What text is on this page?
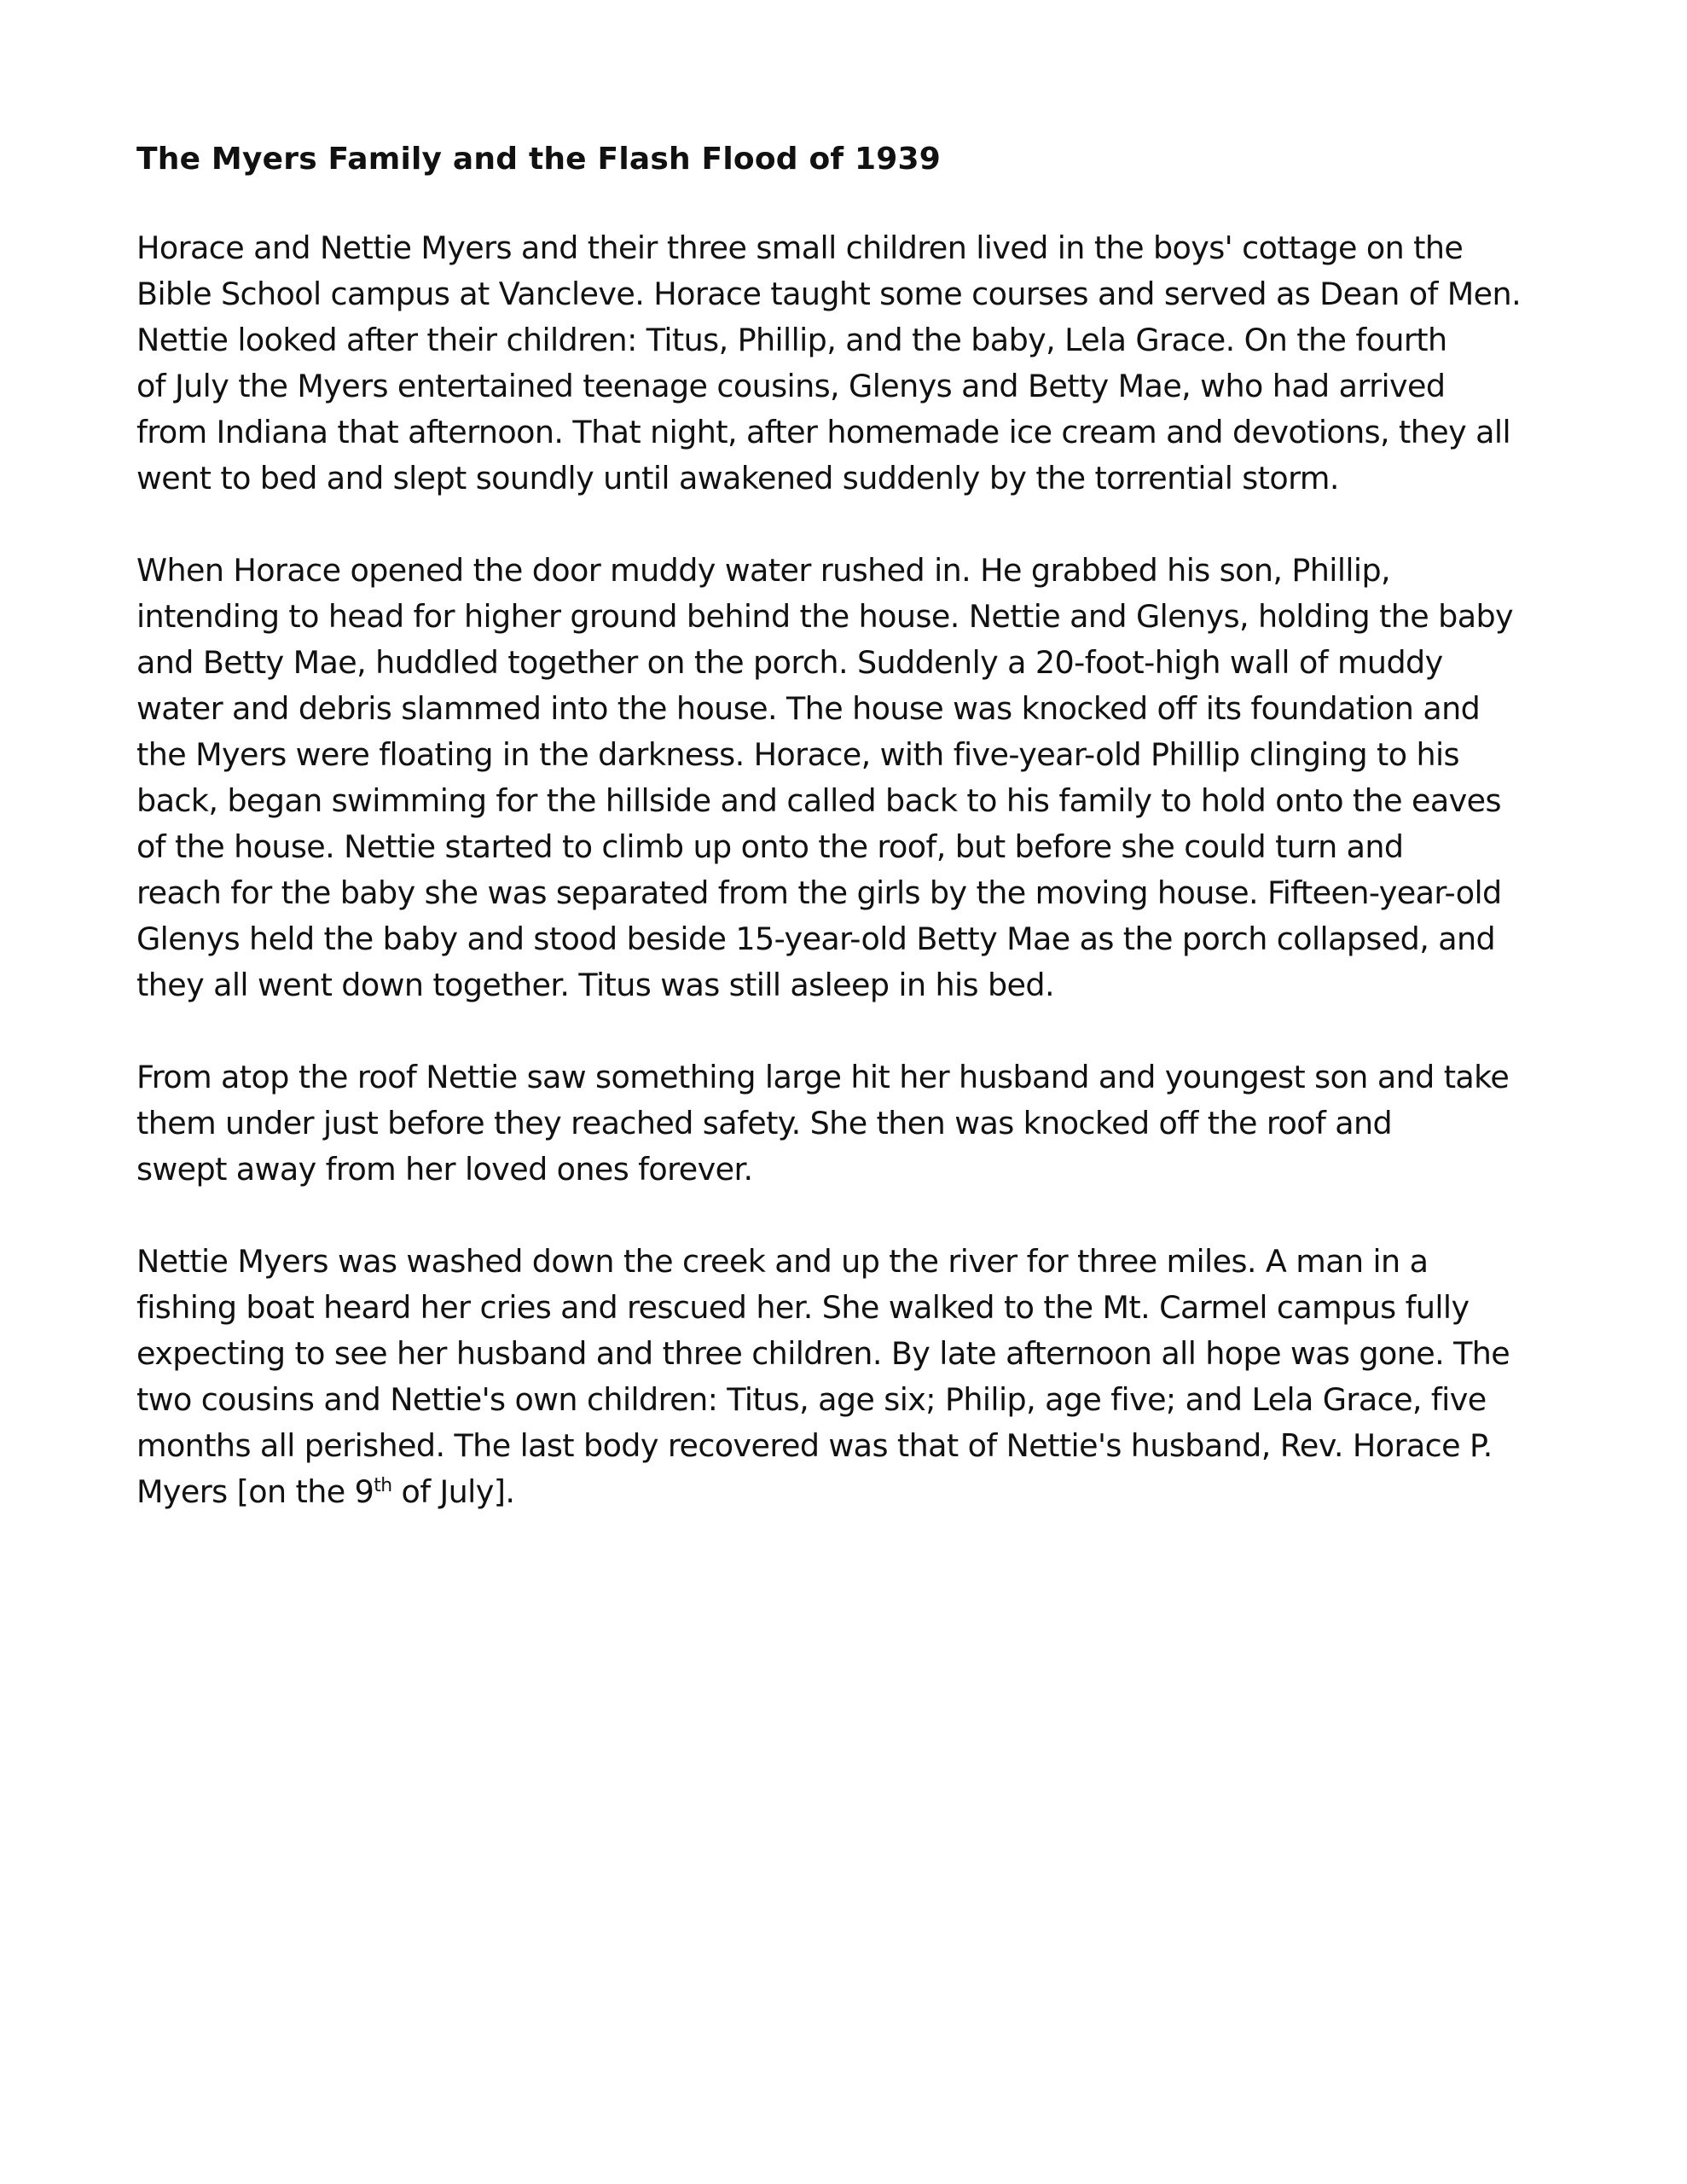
The Myers Family and the Flash Flood of 1939
Horace and Nettie Myers and their three small children lived in the boys' cottage on the
Bible School campus at Vancleve. Horace taught some courses and served as Dean of Men.
Nettie looked after their children: Titus, Phillip, and the baby, Lela Grace. On the fourth
of July the Myers entertained teenage cousins, Glenys and Betty Mae, who had arrived
from Indiana that afternoon. That night, after homemade ice cream and devotions, they all
went to bed and slept soundly until awakened suddenly by the torrential storm.
When Horace opened the door muddy water rushed in. He grabbed his son, Phillip,
intending to head for higher ground behind the house. Nettie and Glenys, holding the baby
and Betty Mae, huddled together on the porch. Suddenly a 20-foot-high wall of muddy
water and debris slammed into the house. The house was knocked off its foundation and
the Myers were floating in the darkness. Horace, with five-year-old Phillip clinging to his
back, began swimming for the hillside and called back to his family to hold onto the eaves
of the house. Nettie started to climb up onto the roof, but before she could turn and
reach for the baby she was separated from the girls by the moving house. Fifteen-year-old
Glenys held the baby and stood beside 15-year-old Betty Mae as the porch collapsed, and
they all went down together. Titus was still asleep in his bed.
From atop the roof Nettie saw something large hit her husband and youngest son and take
them under just before they reached safety. She then was knocked off the roof and
swept away from her loved ones forever.
Nettie Myers was washed down the creek and up the river for three miles. A man in a
fishing boat heard her cries and rescued her. She walked to the Mt. Carmel campus fully
expecting to see her husband and three children. By late afternoon all hope was gone. The
two cousins and Nettie's own children: Titus, age six; Philip, age five; and Lela Grace, five
months all perished. The last body recovered was that of Nettie's husband, Rev. Horace P.
Myers [on the 9th of July].
